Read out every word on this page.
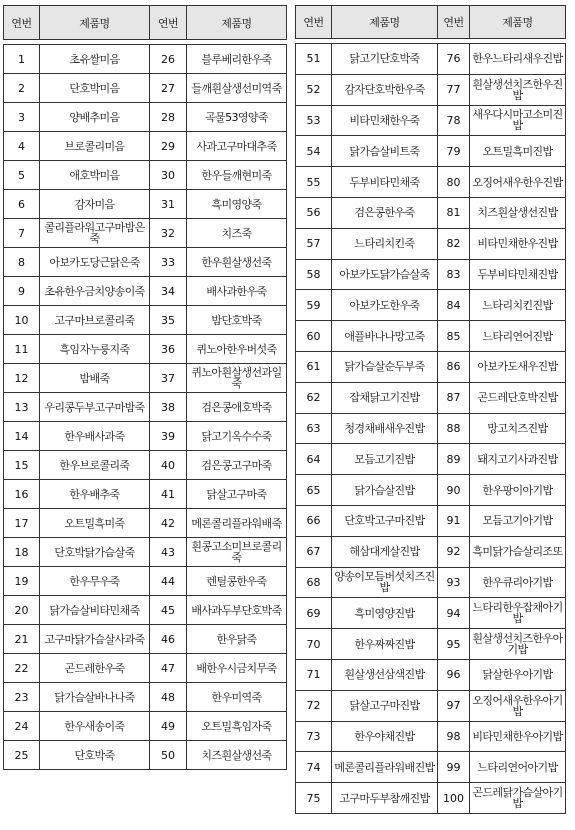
연번	제품명	연번	제품명

1	초유쌀미음	26	블루베리한우죽
2	단호박미음	27	들깨흰살생선미역죽
3	양배추미음	28	곡물53영양죽
4	브로콜리미음	29	사과고구마대추죽
5	애호박미음	30	한우들깨현미죽
6	감자미음	31	흑미영양죽
7	콜리플라워고구마밤은죽	32	치즈죽
8	아보카도당근닭은죽	33	한우흰살생선죽
9	초유한우금치양송이죽	34	배사과한우죽
10	고구마브로콜리죽	35	밤단호박죽
11	흑임자누룽지죽	36	퀴노아한우버섯죽
12	밤배죽	37	퀴노아흰살생선과일죽
13	우리콩두부고구마밤죽	38	검은콩애호박죽
14	한우배사과죽	39	닭고기옥수수죽
15	한우브로콜리죽	40	검은콩고구마죽
16	한우배추죽	41	닭살고구마죽
17	오트밀흑미죽	42	메론콜리플라워배죽
18	단호박닭가슴살죽	43	흰콩고소미브로콜리죽
19	한우무우죽	44	렌틸콩한우죽
20	닭가슴살비타민채죽	45	배사과두부단호박죽
21	고구마닭가슴살사과죽	46	한우닭죽
22	곤드레한우죽	47	배한우시금치무죽
23	닭가슴살바나나죽	48	한우미역죽
24	한우새송이죽	49	오트밀흑임자죽
25	단호박죽	50	치즈흰살생선죽
연번	제품명	연번	제품명

51	닭고기단호박죽	76	한우느타리새우진밥
52	감자단호박한우죽	77	흰살생선치즈한우진밥
53	비타민채한우죽	78	새우다시마고소미진밥
54	닭가슴살비트죽	79	오트밀흑미진밥
55	두부비타민채죽	80	오징어새우한우진밥
56	검은콩한우죽	81	치즈흰살생선진밥
57	느타리치킨죽	82	비타민채한우진밥
58	아보카도닭가슴살죽	83	두부비타민채진밥
59	아보카도한우죽	84	느타리치킨진밥
60	애플바나나망고죽	85	느타리연어진밥
61	닭가슴살순두부죽	86	아보카도새우진밥
62	잡채닭고기진밥	87	곤드레단호박진밥
63	청경채배새우진밥	88	망고치즈진밥
64	모듬고기진밥	89	돼지고기사과진밥
65	닭가슴살진밥	90	한우팡이아기밥
66	단호박고구마진밥	91	모듬고기아기밥
67	해삼대게살진밥	92	흑미닭가슴살리조또
68	양송이모듬버섯치즈진밥	93	한우큐리아기밥
69	흑미영양진밥	94	느타리한우잡채아기밥
70	한우짜짜진밥	95	흰살생선치즈한우아기밥
71	흰살생선삼색진밥	96	닭살한우아기밥
72	닭살고구마진밥	97	오징어새우한우아기밥
73	한우야채진밥	98	비타민채한우아기밥
74	메론콜리플라워배진밥	99	느타리연어아기밥
75	고구마두부참깨진밥	100	곤드레닭가슴살아기밥
